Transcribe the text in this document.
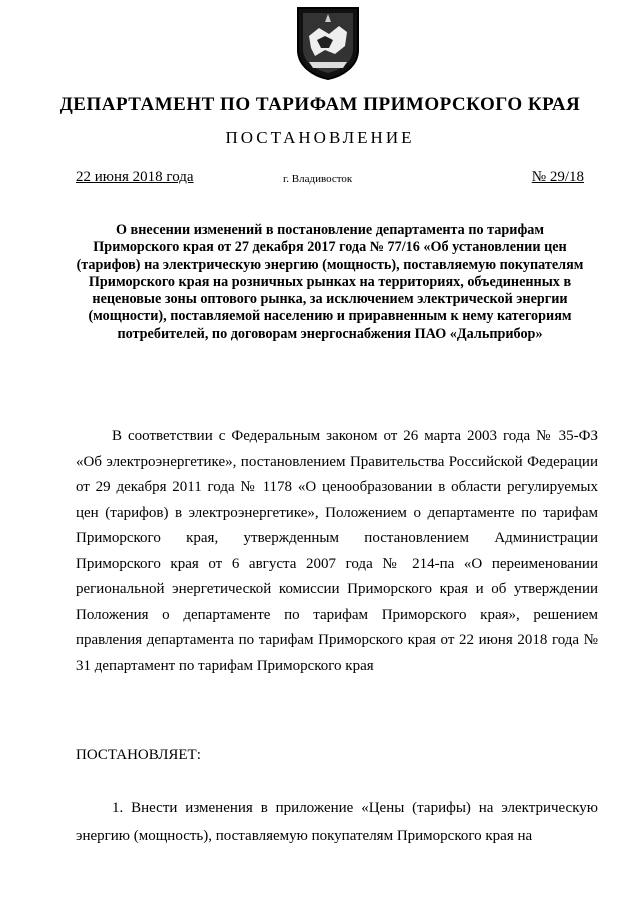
ДЕПАРТАМЕНТ ПО ТАРИФАМ ПРИМОРСКОГО КРАЯ
ПОСТАНОВЛЕНИЕ
22 июня 2018 года	г. Владивосток	№ 29/18
О внесении изменений в постановление департамента по тарифам Приморского края от 27 декабря 2017 года № 77/16 «Об установлении цен (тарифов) на электрическую энергию (мощность), поставляемую покупателям Приморского края на розничных рынках на территориях, объединенных в неценовые зоны оптового рынка, за исключением электрической энергии (мощности), поставляемой населению и приравненным к нему категориям потребителей, по договорам энергоснабжения ПАО «Дальприбор»
В соответствии с Федеральным законом от 26 марта 2003 года № 35-ФЗ «Об электроэнергетике», постановлением Правительства Российской Федерации от 29 декабря 2011 года № 1178 «О ценообразовании в области регулируемых цен (тарифов) в электроэнергетике», Положением о департаменте по тарифам Приморского края, утвержденным постановлением Администрации Приморского края от 6 августа 2007 года № 214-па «О переименовании региональной энергетической комиссии Приморского края и об утверждении Положения о департаменте по тарифам Приморского края», решением правления департамента по тарифам Приморского края от 22 июня 2018 года № 31 департамент по тарифам Приморского края
ПОСТАНОВЛЯЕТ:
1. Внести изменения в приложение «Цены (тарифы) на электрическую энергию (мощность), поставляемую покупателям Приморского края на
